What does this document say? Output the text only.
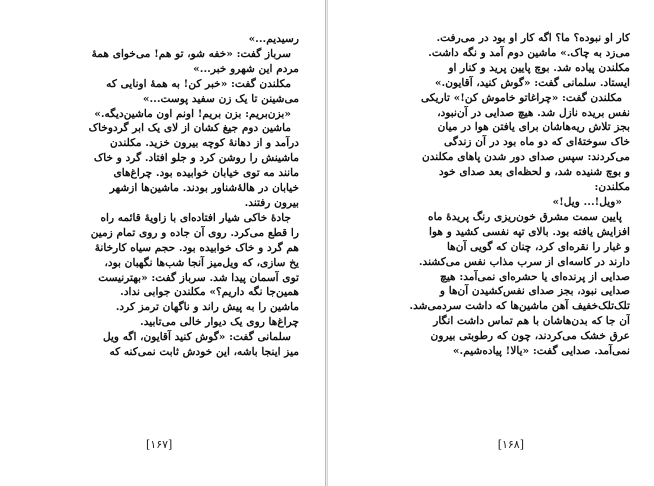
رسیدیم...»
سرباز گفت: «خفه شو، تو هم! می‌خوای همهٔ
مردم این شهرو خبر...»
مکلندن گفت: «خبر کن! به همهٔ اونایی که
می‌شینن تا یک زن سفید پوست...»
«بزن‌بریم: بزن بریم! اونم اون ماشین‌دیگه.»
ماشین دوم جیغ کشان از لای یک ابر گردوخاک
درآمد و از دهانهٔ کوچه بیرون خزید. مکلندن
ماشینش را روشن کرد و جلو افتاد. گرد و خاک
مانند مه توی خیابان خوابیده بود. چراغ‌های
خیابان در هالهٔ‌شناور بودند. ماشین‌ها از‌شهر
بیرون رفتند.
جادهٔ خاکی شیار افتاده‌ای با زاویهٔ قائمه راه
را قطع می‌کرد. روی آن جاده و روی تمام زمین
هم گرد و خاک خوابیده بود. حجم سیاه کارخانهٔ
یخ سازی، که ویل‌میز آنجا شب‌ها نگهبان بود،
توی آسمان پیدا شد. سرباز گفت: «بهتر‌نیست
همین‌جا نگه داریم؟» مکلندن جوابی نداد.
ماشین را به پیش راند و ناگهان ترمز کرد.
چراغ‌ها روی یک دیوار خالی می‌تابید.
سلمانی گفت: «گوش کنید آقایون، اگه ویل
میز اینجا باشه، این خودش ثابت نمی‌کنه که
[۱۶۷]
کار او نبوده؟ ما؟ اگه کار او بود در می‌رفت.
می‌زد به چاک.» ماشین دوم آمد و نگه داشت.
مکلندن پیاده شد. بوچ پایین پرید و کنار او
ایستاد. سلمانی گفت: «گوش کنید، آقایون.»
مکلندن گفت: «چراغاتو خاموش کن!» تاریکی
نفس بریده نازل شد. هیچ صدایی در آن‌نبود،
بجز تلاش ریه‌هاشان برای یافتن هوا در میان
خاک سوختهٔ‌ای که دو ماه بود در آن زندگی
می‌کردند: سپس صدای دور شدن پاهای مکلندن
و بوچ شنیده شد، و لحظه‌ای بعد صدای خود
مکلندن:
«ویل!... ویل!»
پایین سمت مشرق خون‌ریزی رنگ پریدهٔ ماه
افزایش یافته بود. بالای تپه نفسی کشید و هوا
و غبار را نقره‌ای کرد، چنان که گویی آن‌ها
دارند در کاسه‌ای از سرب مذاب نفس می‌کشند.
صدایی از پرنده‌ای یا حشره‌ای نمی‌آمد: هیچ
صدایی نبود، بجز صدای نفس‌کشیدن آن‌ها و
تلک‌تلک‌خفیف آهن ماشین‌ها که داشت سرد‌می‌شد.
آن جا که بدن‌هاشان با هم تماس داشت انگار
عرق خشک می‌کردند، چون که رطوبتی بیرون
نمی‌آمد. صدایی گفت: «یالا! پیاده‌شیم.»
[۱۶۸]
